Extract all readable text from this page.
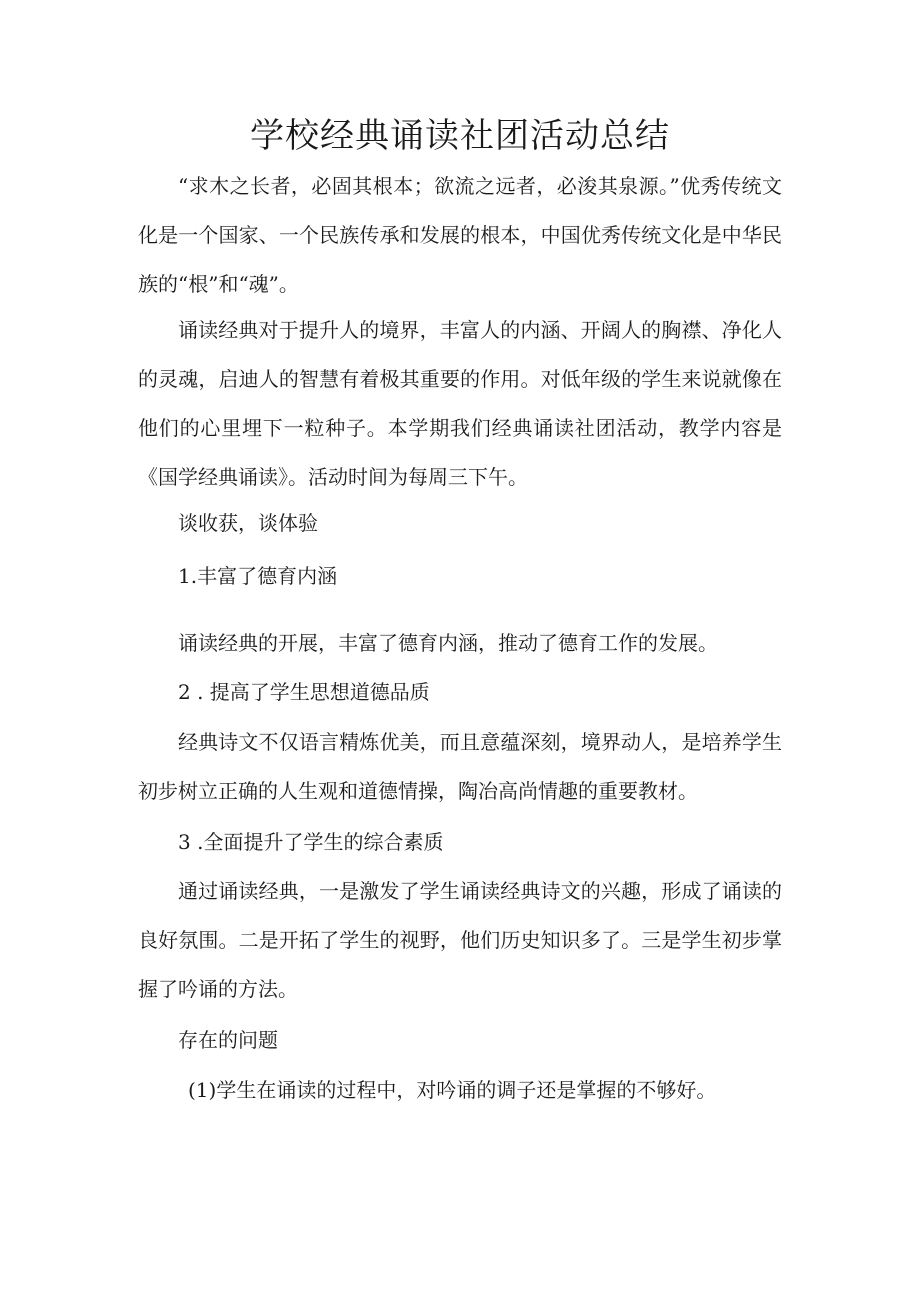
学校经典诵读社团活动总结

“求木之长者，必固其根本；欲流之远者，必浚其泉源。”优秀传统文化是一个国家、一个民族传承和发展的根本，中国优秀传统文化是中华民族的“根”和“魂”。

诵读经典对于提升人的境界，丰富人的内涵、开阔人的胸襟、净化人的灵魂，启迪人的智慧有着极其重要的作用。对低年级的学生来说就像在他们的心里埋下一粒种子。本学期我们经典诵读社团活动，教学内容是《国学经典诵读》。活动时间为每周三下午。

谈收获，谈体验

1.丰富了德育内涵

诵读经典的开展，丰富了德育内涵，推动了德育工作的发展。

2 . 提高了学生思想道德品质

经典诗文不仅语言精炼优美，而且意蕴深刻，境界动人，是培养学生初步树立正确的人生观和道德情操，陶冶高尚情趣的重要教材。

3 .全面提升了学生的综合素质

通过诵读经典，一是激发了学生诵读经典诗文的兴趣，形成了诵读的良好氛围。二是开拓了学生的视野，他们历史知识多了。三是学生初步掌握了吟诵的方法。

存在的问题

(1)学生在诵读的过程中，对吟诵的调子还是掌握的不够好。
